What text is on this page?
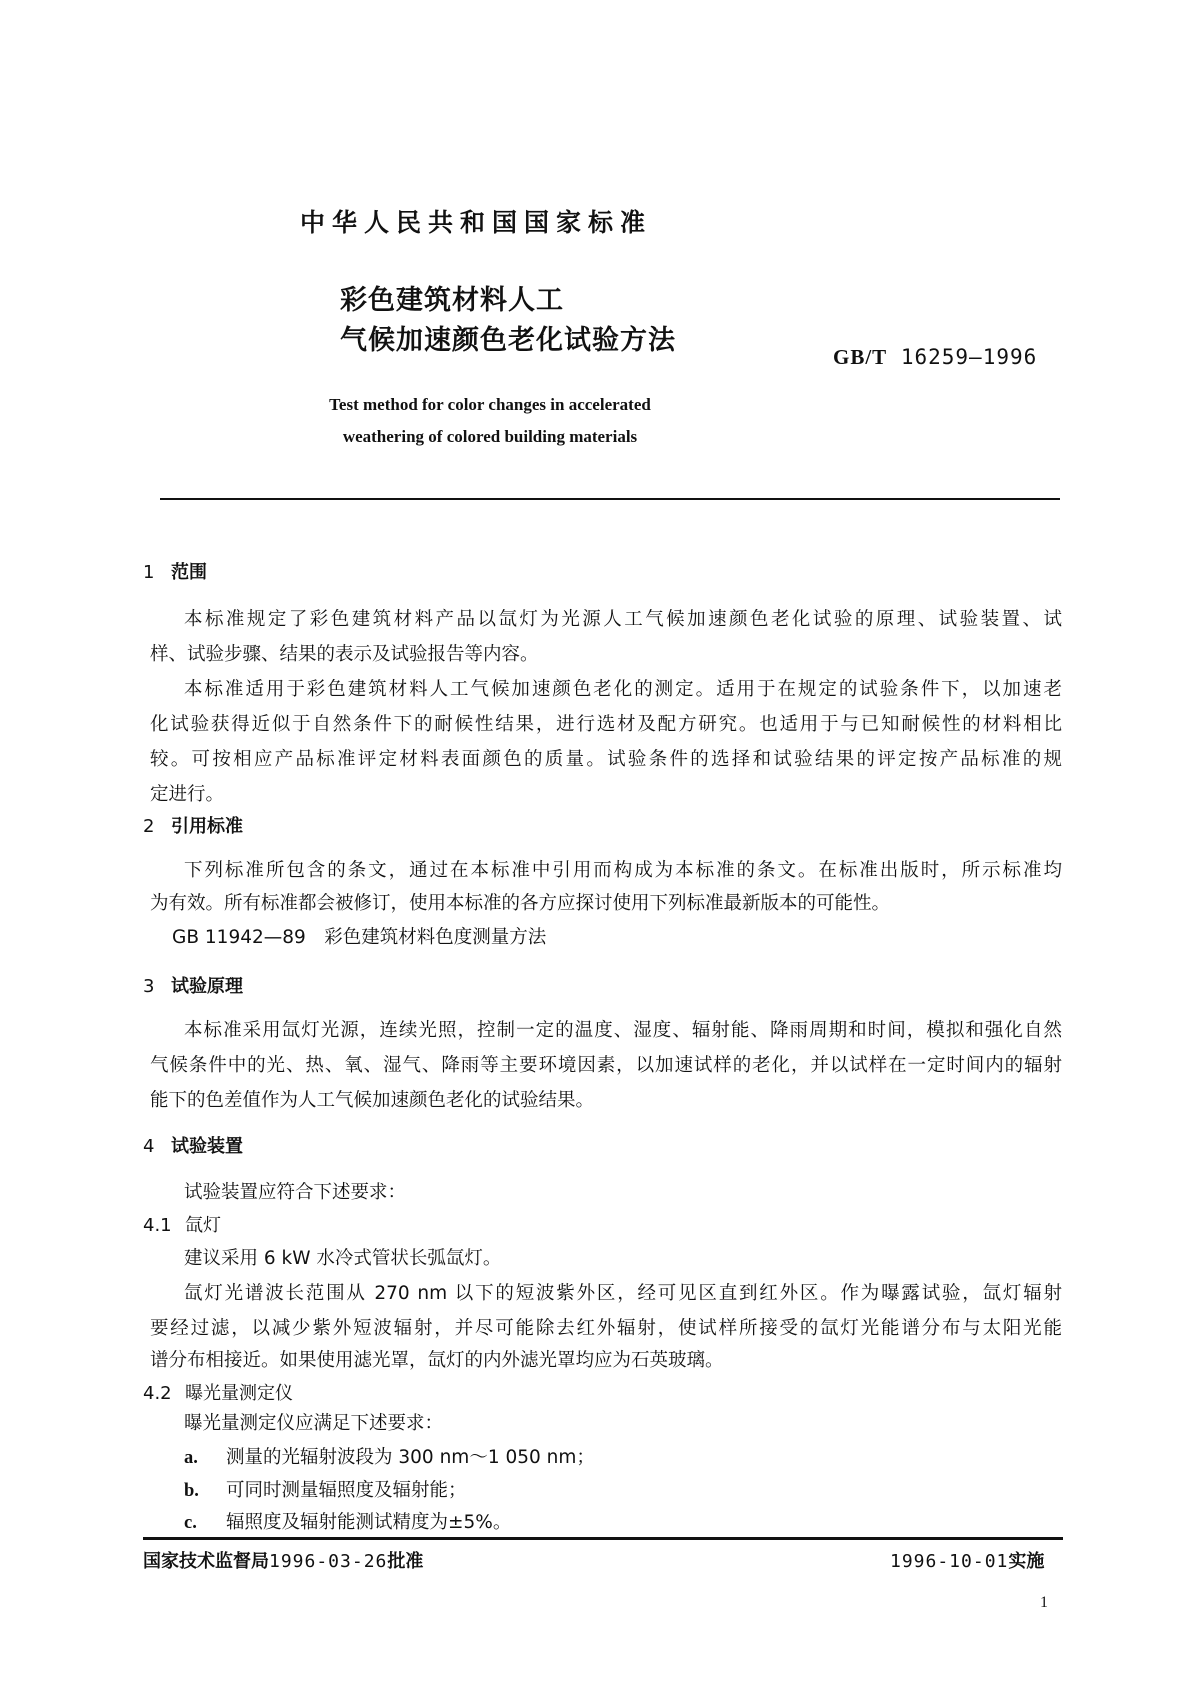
中华人民共和国国家标准
彩色建筑材料人工
气候加速颜色老化试验方法
GB/T 16259—1996
Test method for color changes in accelerated
weathering of colored building materials
1 范围
本标准规定了彩色建筑材料产品以氙灯为光源人工气候加速颜色老化试验的原理、试验装置、试
样、试验步骤、结果的表示及试验报告等内容。
本标准适用于彩色建筑材料人工气候加速颜色老化的测定。适用于在规定的试验条件下，以加速老
化试验获得近似于自然条件下的耐候性结果，进行选材及配方研究。也适用于与已知耐候性的材料相比
较。可按相应产品标准评定材料表面颜色的质量。试验条件的选择和试验结果的评定按产品标准的规
定进行。
2 引用标准
下列标准所包含的条文，通过在本标准中引用而构成为本标准的条文。在标准出版时，所示标准均
为有效。所有标准都会被修订，使用本标准的各方应探讨使用下列标准最新版本的可能性。
GB 11942—89　彩色建筑材料色度测量方法
3 试验原理
本标准采用氙灯光源，连续光照，控制一定的温度、湿度、辐射能、降雨周期和时间，模拟和强化自然
气候条件中的光、热、氧、湿气、降雨等主要环境因素，以加速试样的老化，并以试样在一定时间内的辐射
能下的色差值作为人工气候加速颜色老化的试验结果。
4 试验装置
试验装置应符合下述要求：
4.1 氙灯
建议采用 6 kW 水冷式管状长弧氙灯。
氙灯光谱波长范围从 270 nm 以下的短波紫外区，经可见区直到红外区。作为曝露试验，氙灯辐射
要经过滤，以减少紫外短波辐射，并尽可能除去红外辐射，使试样所接受的氙灯光能谱分布与太阳光能
谱分布相接近。如果使用滤光罩，氙灯的内外滤光罩均应为石英玻璃。
4.2 曝光量测定仪
曝光量测定仪应满足下述要求：
a. 测量的光辐射波段为 300 nm～1 050 nm；
b. 可同时测量辐照度及辐射能；
c. 辐照度及辐射能测试精度为±5%。
国家技术监督局1996-03-26批准	1996-10-01实施
1
